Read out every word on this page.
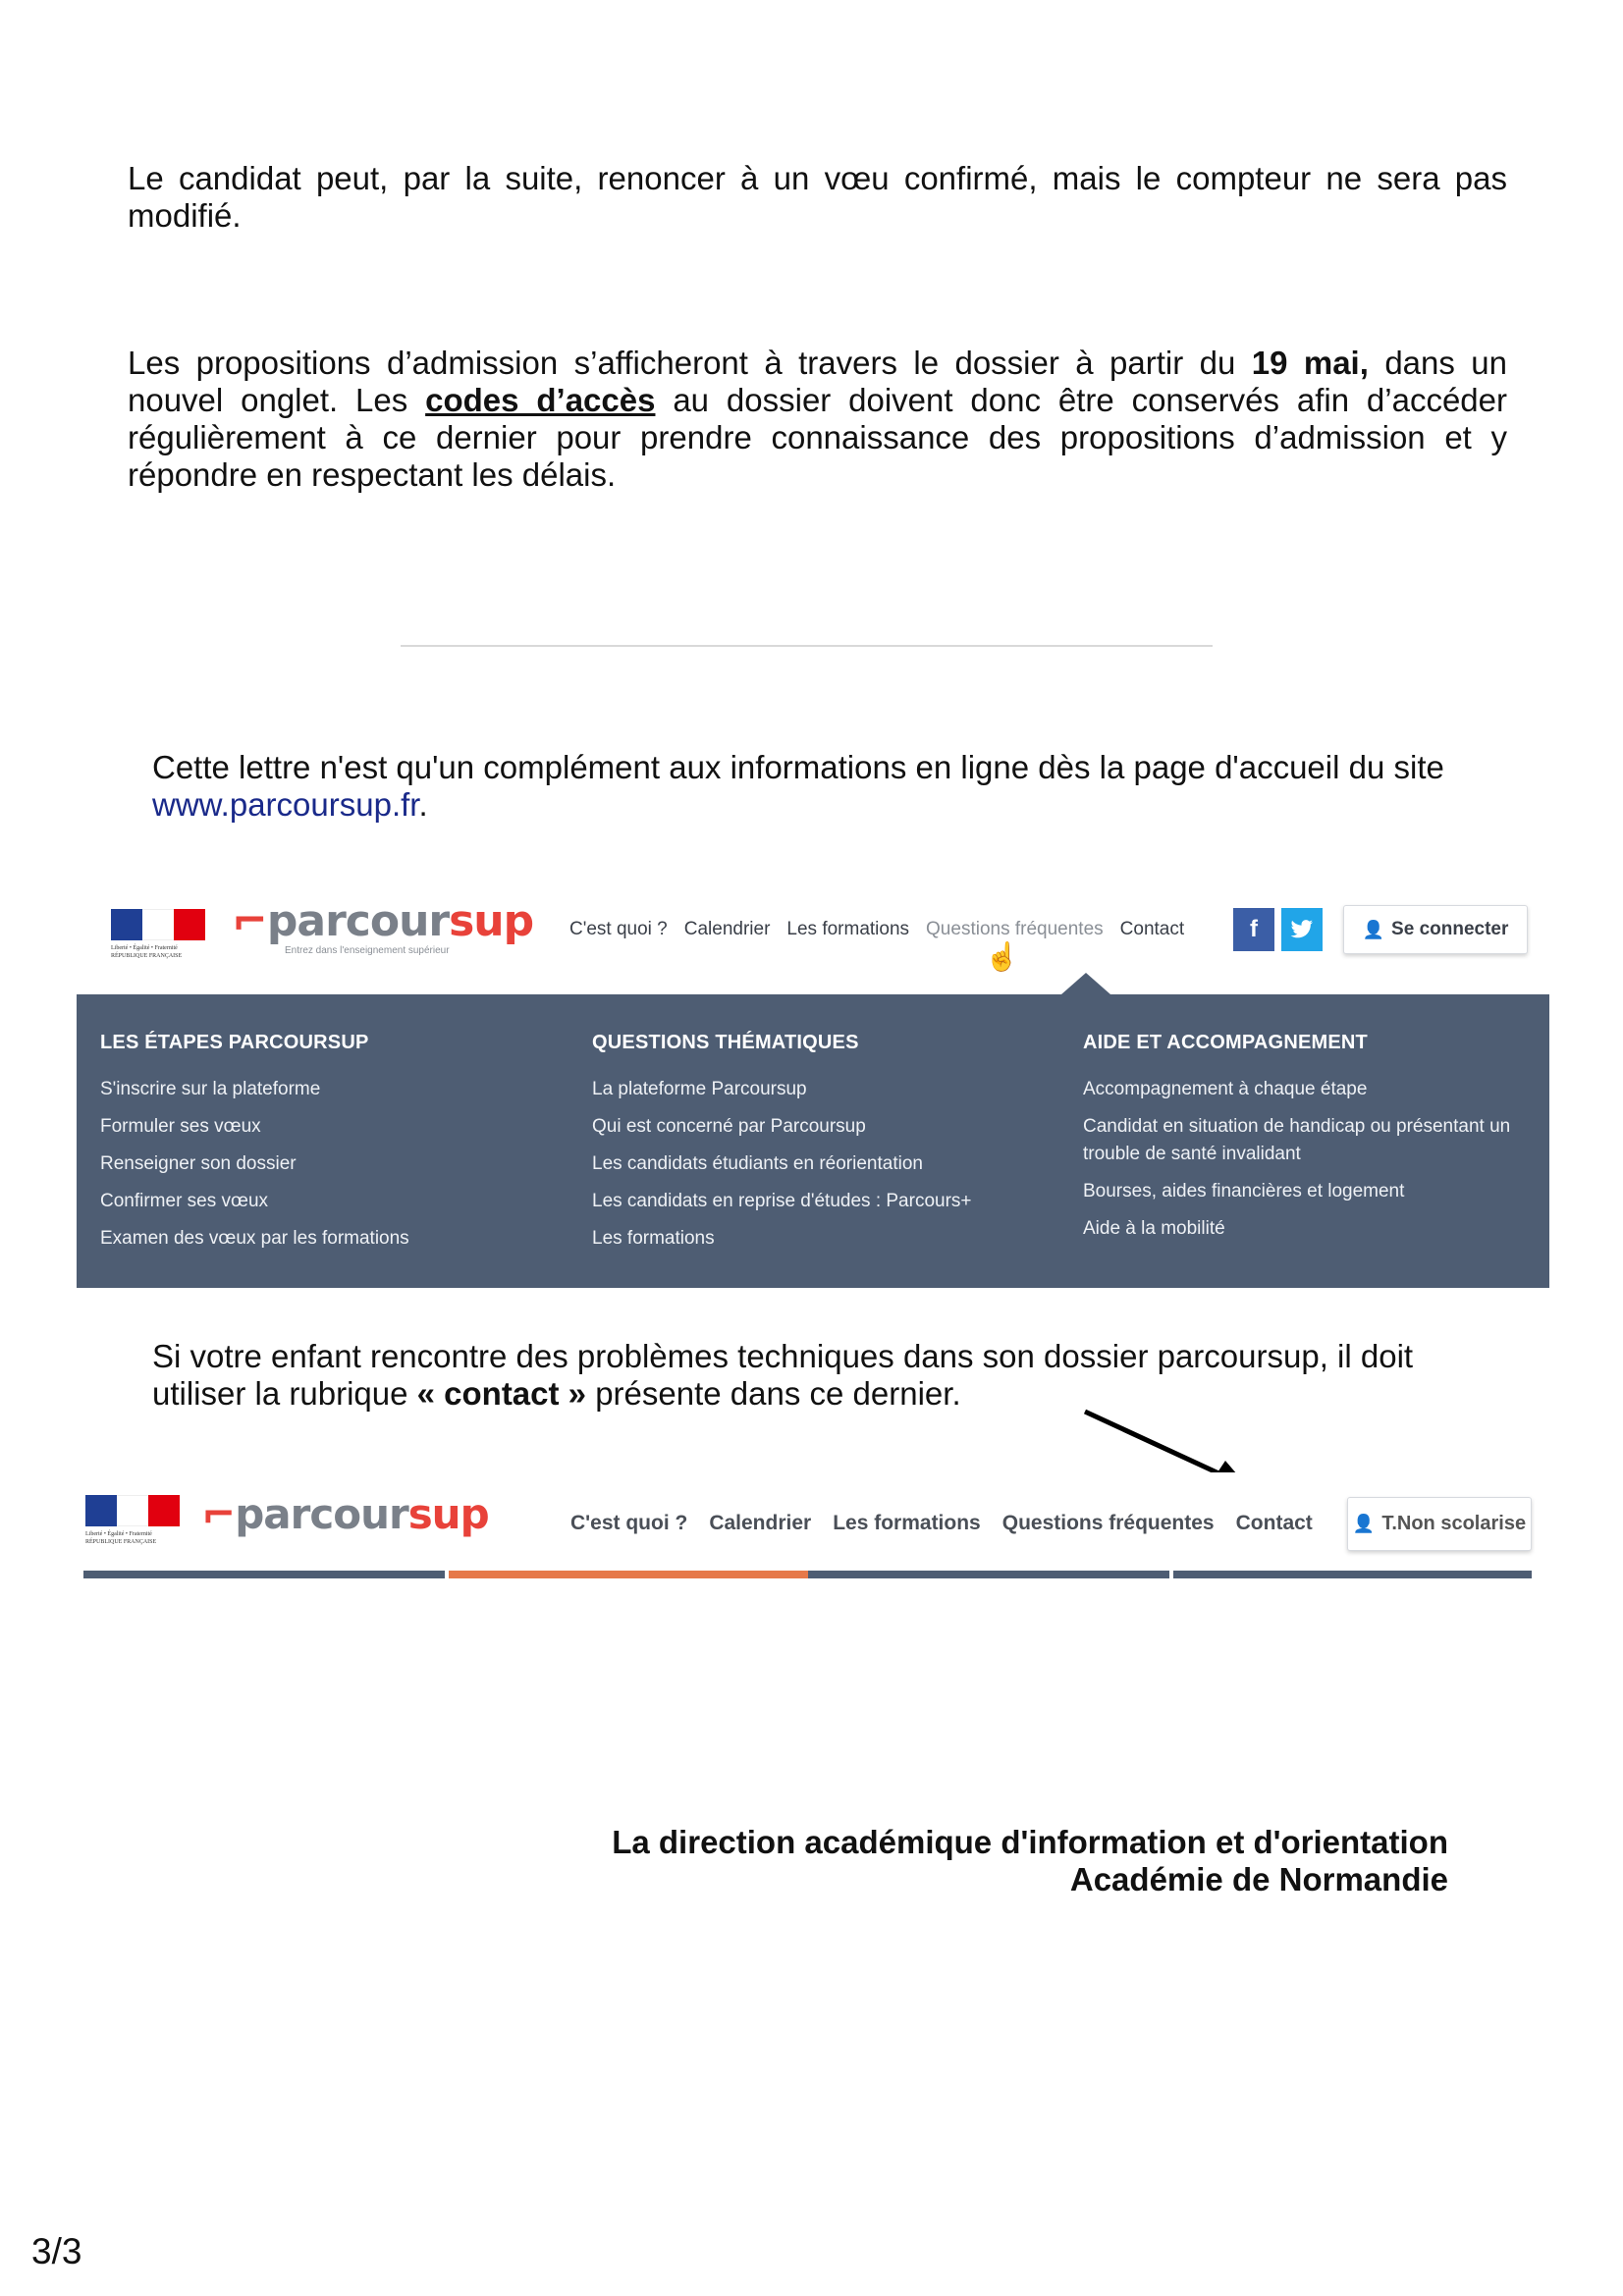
Le candidat peut, par la suite, renoncer à un vœu confirmé, mais le compteur ne sera pas modifié.

Les propositions d’admission s’afficheront à travers le dossier à partir du 19 mai, dans un nouvel onglet. Les codes d’accès au dossier doivent donc être conservés afin d’accéder régulièrement à ce dernier pour prendre connaissance des propositions d’admission et y répondre en respectant les délais.

Cette lettre n'est qu'un complément aux informations en ligne dès la page d'accueil du site www.parcoursup.fr.

Liberté • Égalité • Fraternité
RÉPUBLIQUE FRANÇAISE
⌐parcoursup
Entrez dans l'enseignement supérieur
C'est quoi ? Calendrier Les formations Questions fréquentes Contact	f	👤 Se connecter
☝
LES ÉTAPES PARCOURSUP
S'inscrire sur la plateforme
Formuler ses vœux
Renseigner son dossier
Confirmer ses vœux
Examen des vœux par les formations
QUESTIONS THÉMATIQUES
La plateforme Parcoursup
Qui est concerné par Parcoursup
Les candidats étudiants en réorientation
Les candidats en reprise d'études : Parcours+
Les formations
AIDE ET ACCOMPAGNEMENT
Accompagnement à chaque étape
Candidat en situation de handicap ou présentant un trouble de santé invalidant
Bourses, aides financières et logement
Aide à la mobilité

Si votre enfant rencontre des problèmes techniques dans son dossier parcoursup, il doit utiliser la rubrique « contact » présente dans ce dernier.

Liberté • Égalité • Fraternité
RÉPUBLIQUE FRANÇAISE
⌐parcoursup	C'est quoi ? Calendrier Les formations Questions fréquentes Contact 👤 T.Non scolarise
La direction académique d'information et d'orientation
Académie de Normandie
3/3
